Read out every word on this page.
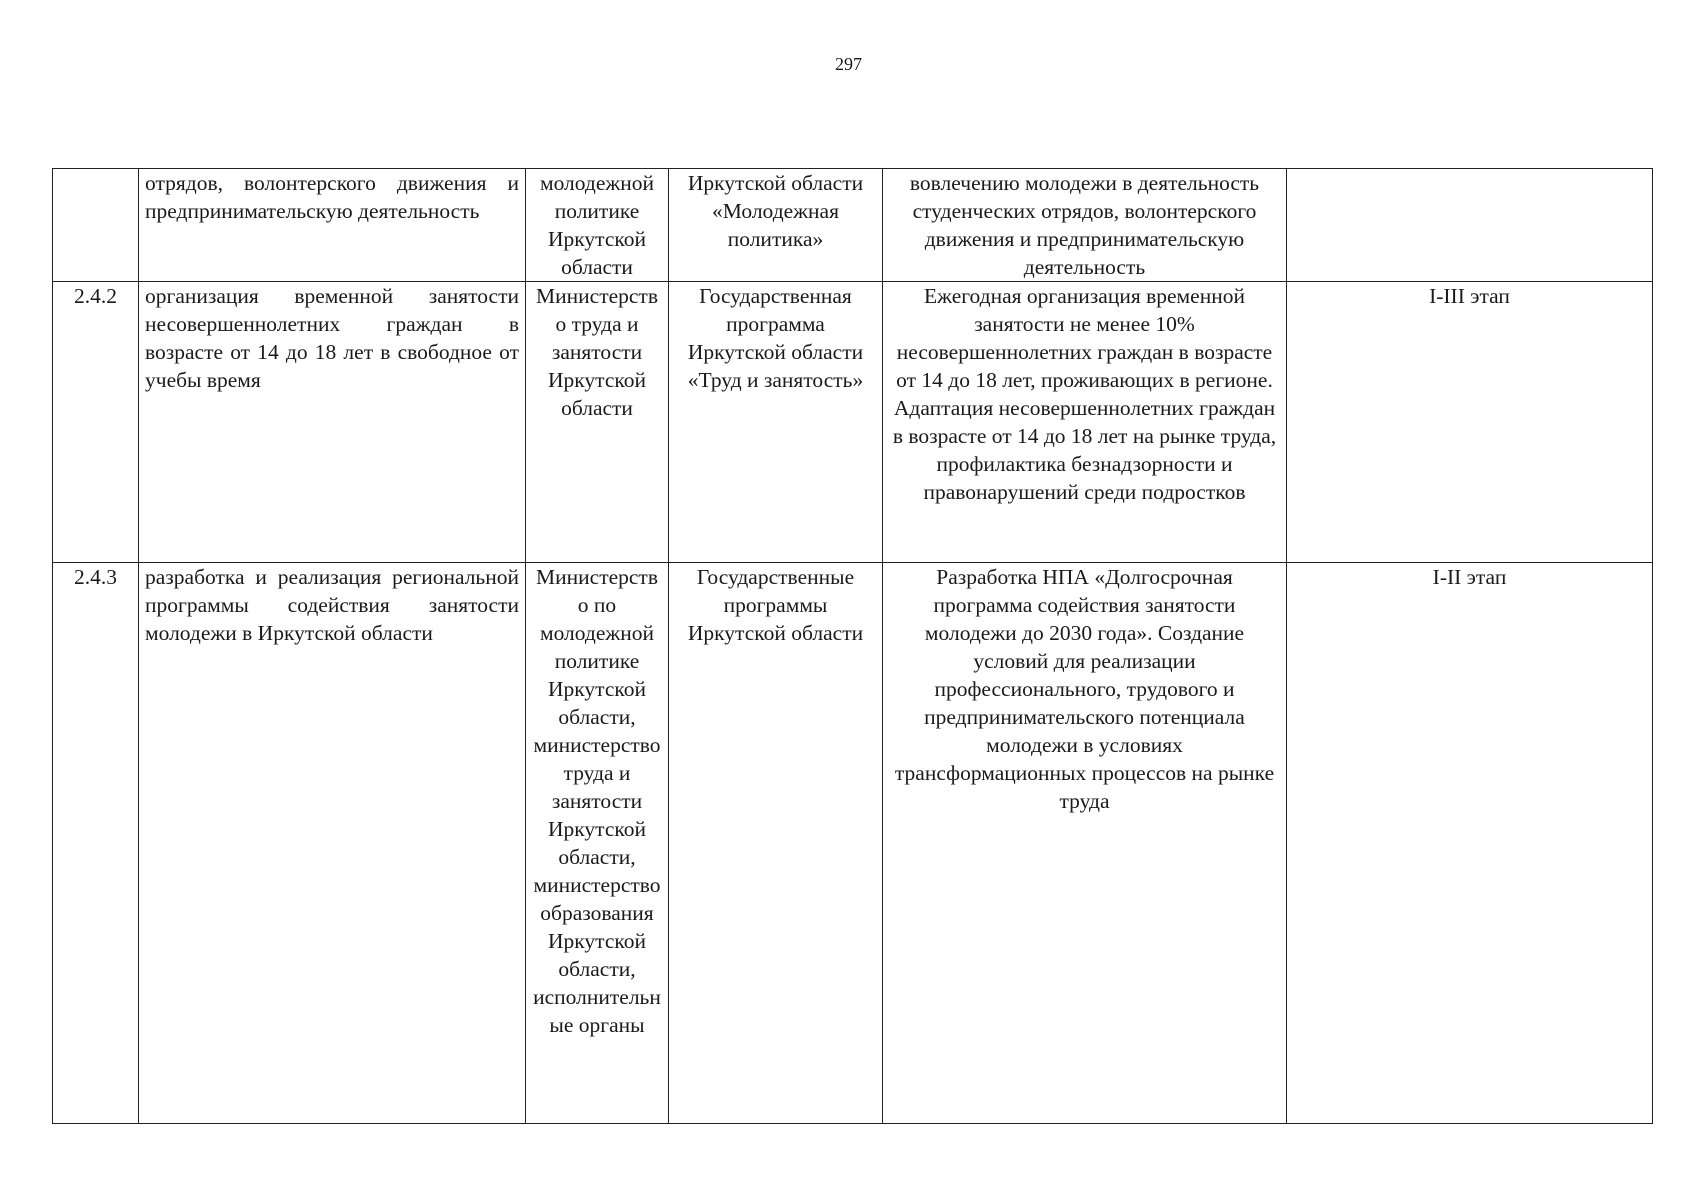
297
	отрядов, волонтерского движения и предпринимательскую деятельность	молодежной политике Иркутской области	Иркутской области «Молодежная политика»	вовлечению молодежи в деятельность студенческих отрядов, волонтерского движения и предпринимательскую деятельность	
2.4.2	организация временной занятости несовершеннолетних граждан в возрасте от 14 до 18 лет в свободное от учебы время	Министерство труда и занятости Иркутской области	Государственная программа Иркутской области «Труд и занятость»	Ежегодная организация временной занятости не менее 10% несовершеннолетних граждан в возрасте от 14 до 18 лет, проживающих в регионе. Адаптация несовершеннолетних граждан в возрасте от 14 до 18 лет на рынке труда, профилактика безнадзорности и правонарушений среди подростков	I-III этап
2.4.3	разработка и реализация региональной программы содействия занятости молодежи в Иркутской области	Министерство по молодежной политике Иркутской области, министерство труда и занятости Иркутской области, министерство образования Иркутской области, исполнительные органы	Государственные программы Иркутской области	Разработка НПА «Долгосрочная программа содействия занятости молодежи до 2030 года». Создание условий для реализации профессионального, трудового и предпринимательского потенциала молодежи в условиях трансформационных процессов на рынке труда	I-II этап
